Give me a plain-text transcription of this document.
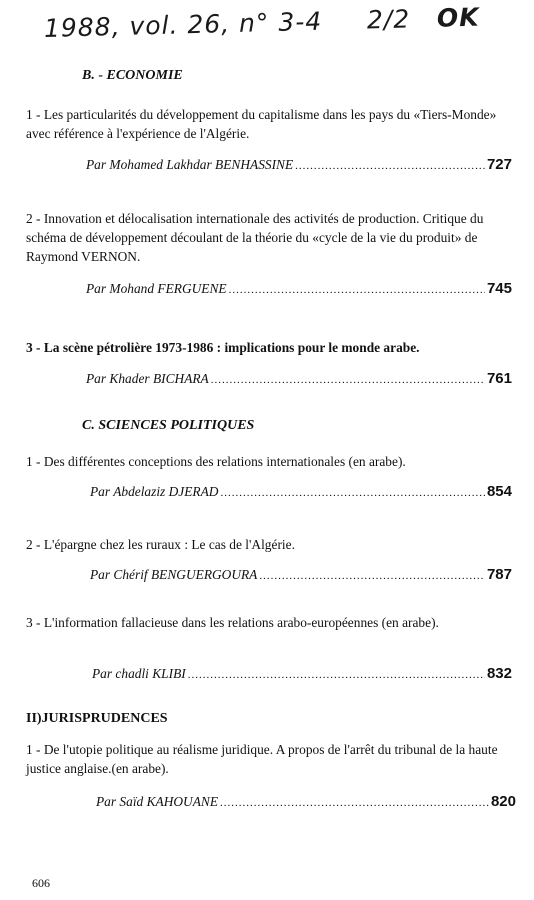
1988, vol. 26, n° 3-4 2/2 OK
B. - ECONOMIE
1 - Les particularités du développement du capitalisme dans les pays du «Tiers-Monde» avec référence à l'expérience de l'Algérie.
Par Mohamed Lakhdar BENHASSINE .....	727
2 - Innovation et délocalisation internationale des activités de production. Critique du schéma de développement découlant de la théorie du «cycle de la vie du produit» de Raymond VERNON.
Par Mohand FERGUENE .....	745
3 - La scène pétrolière 1973-1986 : implications pour le monde arabe.
Par Khader BICHARA .....	761
C. SCIENCES POLITIQUES
1 - Des différentes conceptions des relations internationales (en arabe).
Par Abdelaziz DJERAD .....	854
2 - L'épargne chez les ruraux : Le cas de l'Algérie.
Par Chérif BENGUERGOURA .....	787
3 - L'information fallacieuse dans les relations arabo-européennes (en arabe).
Par chadli KLIBI .....	832
II)JURISPRUDENCES
1 - De l'utopie politique au réalisme juridique. A propos de l'arrêt du tribunal de la haute justice anglaise.(en arabe).
Par Saïd KAHOUANE .....	820
606
